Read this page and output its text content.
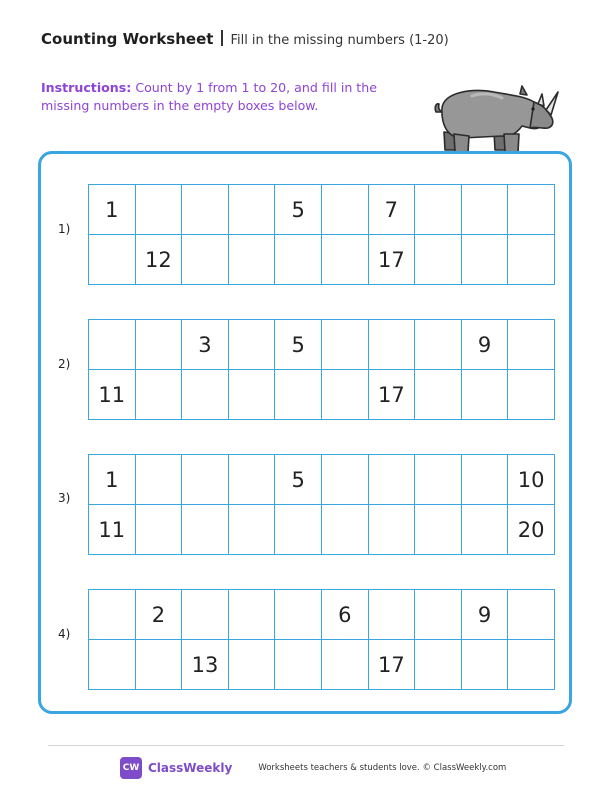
Counting Worksheet Fill in the missing numbers (1-20)
Instructions: Count by 1 from 1 to 20, and fill in the missing numbers in the empty boxes below.
1)
1				5		7			
	12					17			
2)
		3		5				9	
11						17			
3)
1				5					10
11									20
4)
	2				6			9	
		13				17			
CW ClassWeekly	Worksheets teachers & students love. © ClassWeekly.com
